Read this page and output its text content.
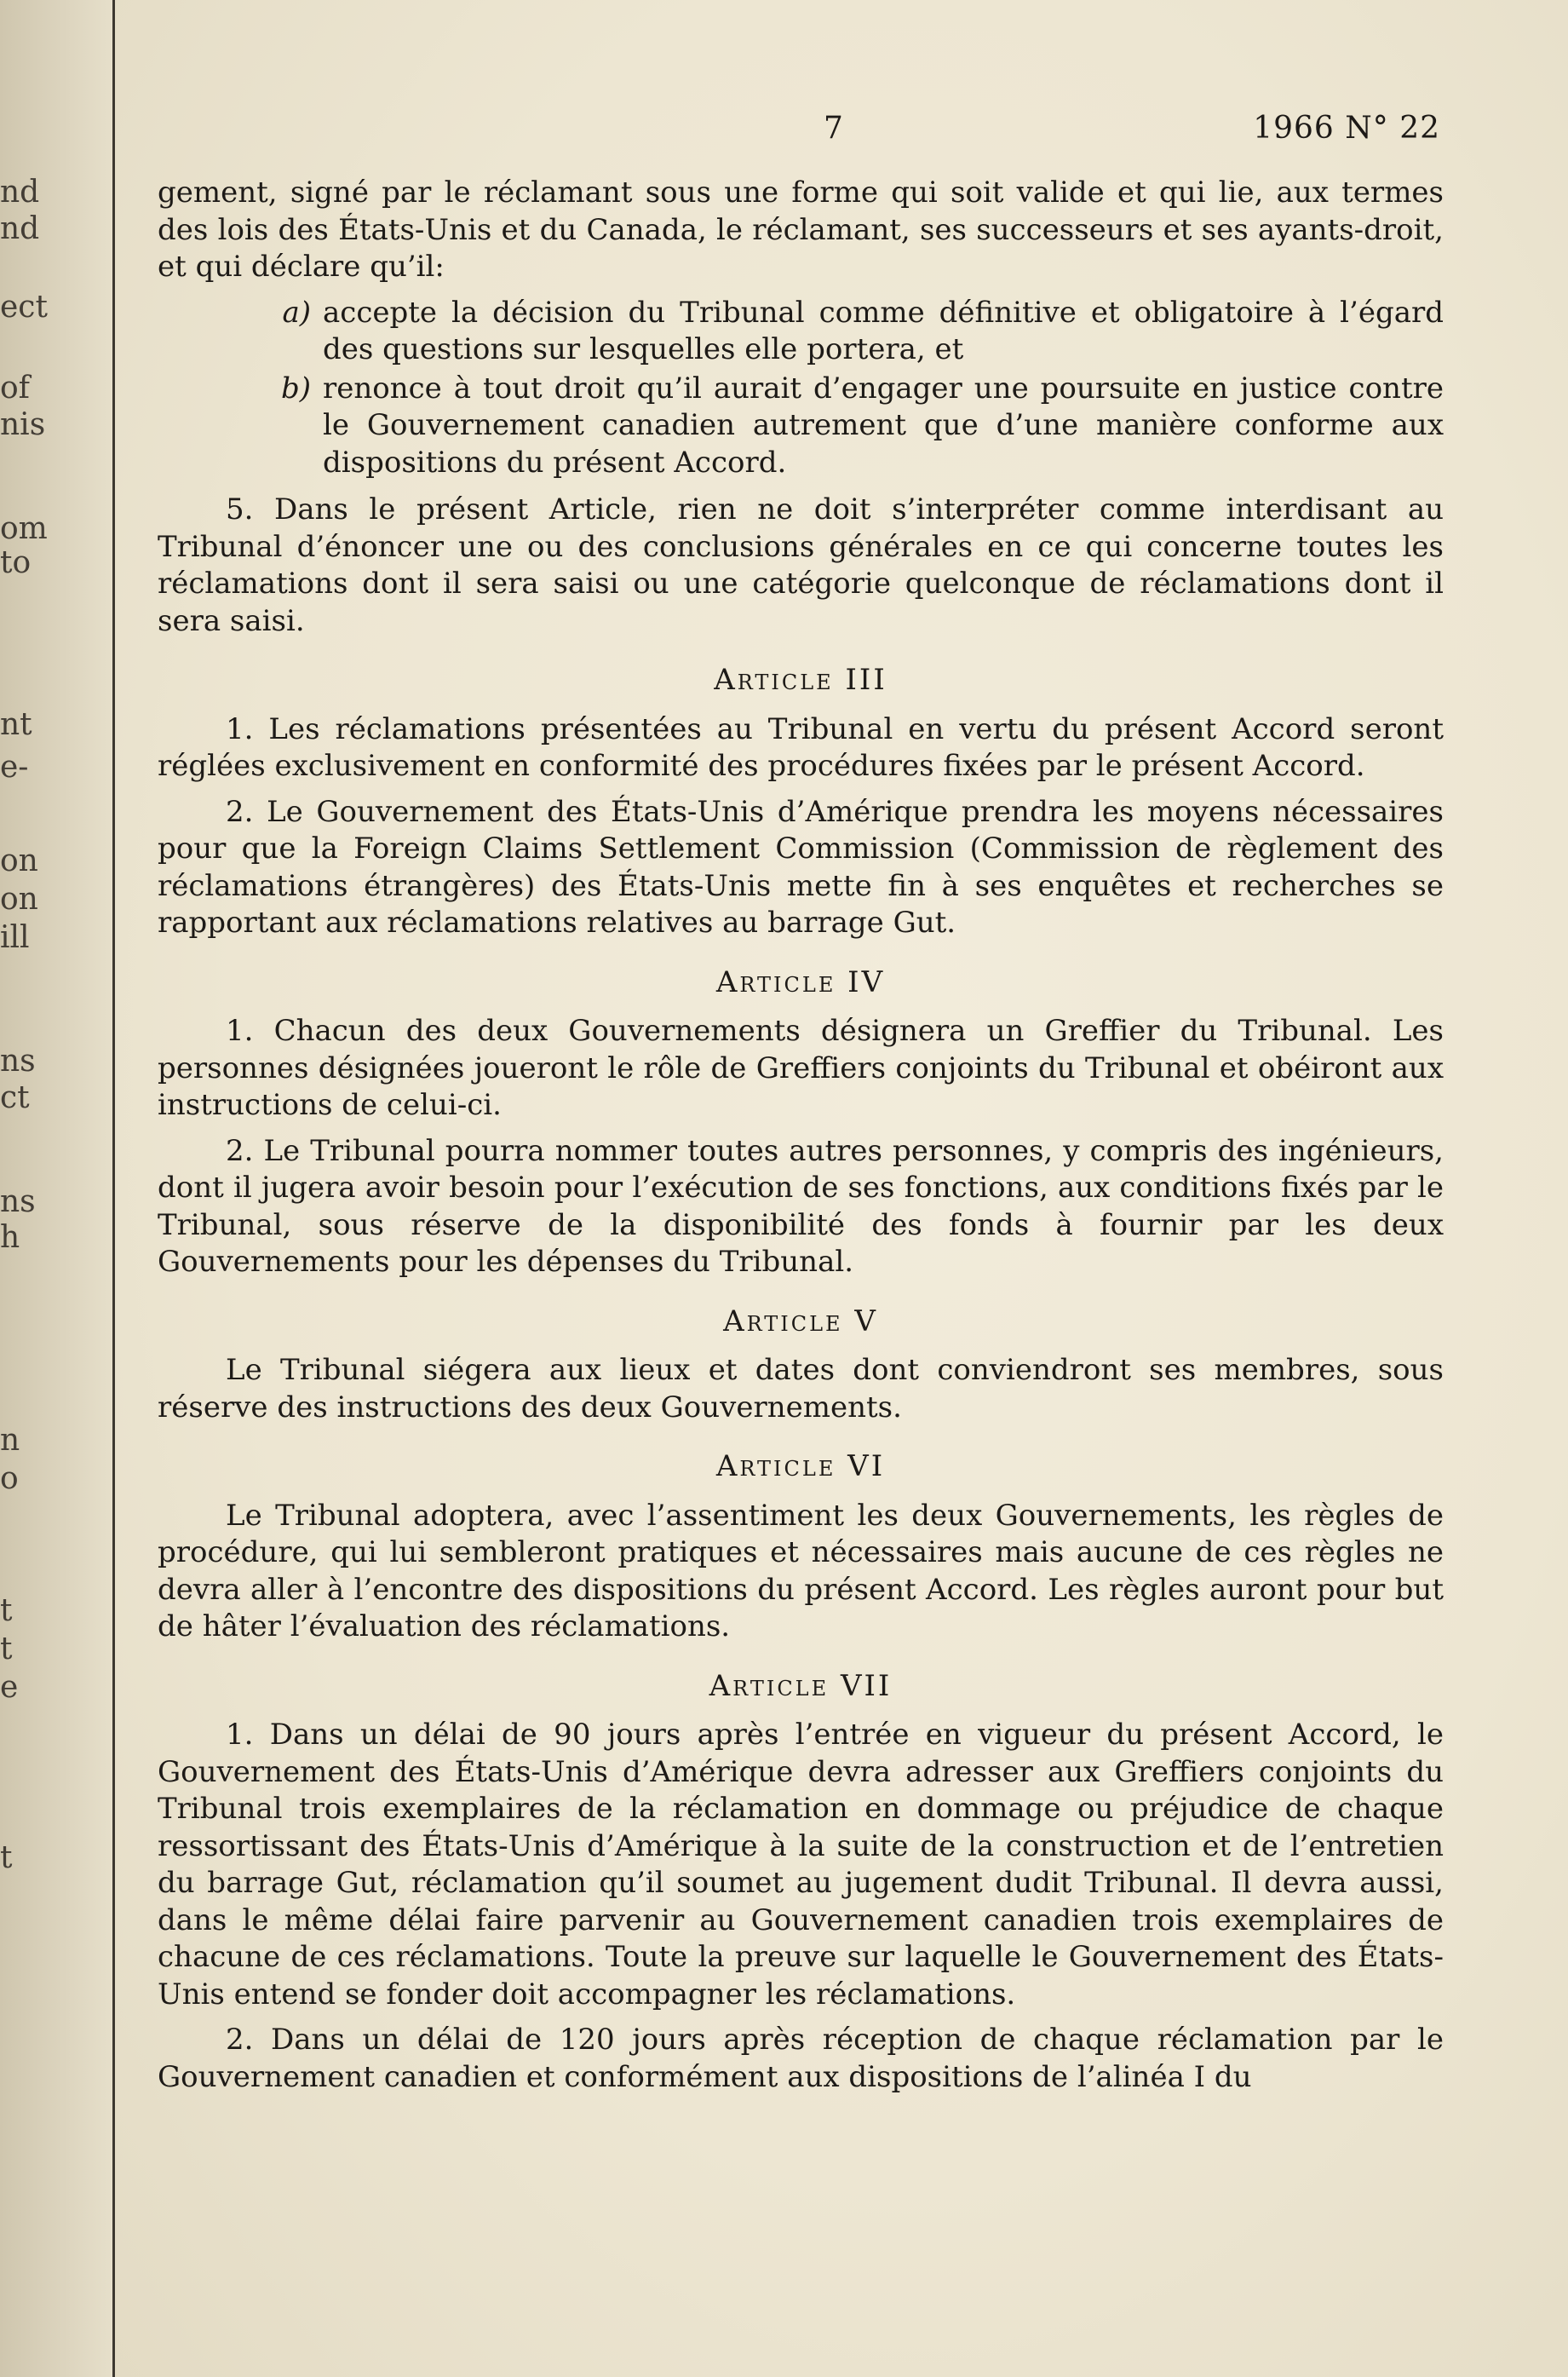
nd
nd
ect
of
nis
om
to
nt
e-
on
on
ill
ns
ct
ns
h
n
o
t
t
e
t
7	1966 N° 22

gement, signé par le réclamant sous une forme qui soit valide et qui lie, aux termes des lois des États-Unis et du Canada, le réclamant, ses successeurs et ses ayants-droit, et qui déclare qu’il:

a) accepte la décision du Tribunal comme définitive et obligatoire à l’égard des questions sur lesquelles elle portera, et
b) renonce à tout droit qu’il aurait d’engager une poursuite en justice contre le Gouvernement canadien autrement que d’une manière conforme aux dispositions du présent Accord.

5. Dans le présent Article, rien ne doit s’interpréter comme interdisant au Tribunal d’énoncer une ou des conclusions générales en ce qui concerne toutes les réclamations dont il sera saisi ou une catégorie quelconque de réclamations dont il sera saisi.

Article III

1. Les réclamations présentées au Tribunal en vertu du présent Accord seront réglées exclusivement en conformité des procédures fixées par le présent Accord.

2. Le Gouvernement des États-Unis d’Amérique prendra les moyens nécessaires pour que la Foreign Claims Settlement Commission (Commission de règlement des réclamations étrangères) des États-Unis mette fin à ses enquêtes et recherches se rapportant aux réclamations relatives au barrage Gut.

Article IV

1. Chacun des deux Gouvernements désignera un Greffier du Tribunal. Les personnes désignées joueront le rôle de Greffiers conjoints du Tribunal et obéiront aux instructions de celui-ci.

2. Le Tribunal pourra nommer toutes autres personnes, y compris des ingénieurs, dont il jugera avoir besoin pour l’exécution de ses fonctions, aux conditions fixés par le Tribunal, sous réserve de la disponibilité des fonds à fournir par les deux Gouvernements pour les dépenses du Tribunal.

Article V

Le Tribunal siégera aux lieux et dates dont conviendront ses membres, sous réserve des instructions des deux Gouvernements.

Article VI

Le Tribunal adoptera, avec l’assentiment les deux Gouvernements, les règles de procédure, qui lui sembleront pratiques et nécessaires mais aucune de ces règles ne devra aller à l’encontre des dispositions du présent Accord. Les règles auront pour but de hâter l’évaluation des réclamations.

Article VII

1. Dans un délai de 90 jours après l’entrée en vigueur du présent Accord, le Gouvernement des États-Unis d’Amérique devra adresser aux Greffiers conjoints du Tribunal trois exemplaires de la réclamation en dommage ou préjudice de chaque ressortissant des États-Unis d’Amérique à la suite de la construction et de l’entretien du barrage Gut, réclamation qu’il soumet au jugement dudit Tribunal. Il devra aussi, dans le même délai faire parvenir au Gouvernement canadien trois exemplaires de chacune de ces réclamations. Toute la preuve sur laquelle le Gouvernement des États-Unis entend se fonder doit accompagner les réclamations.

2. Dans un délai de 120 jours après réception de chaque réclamation par le Gouvernement canadien et conformément aux dispositions de l’alinéa I du
